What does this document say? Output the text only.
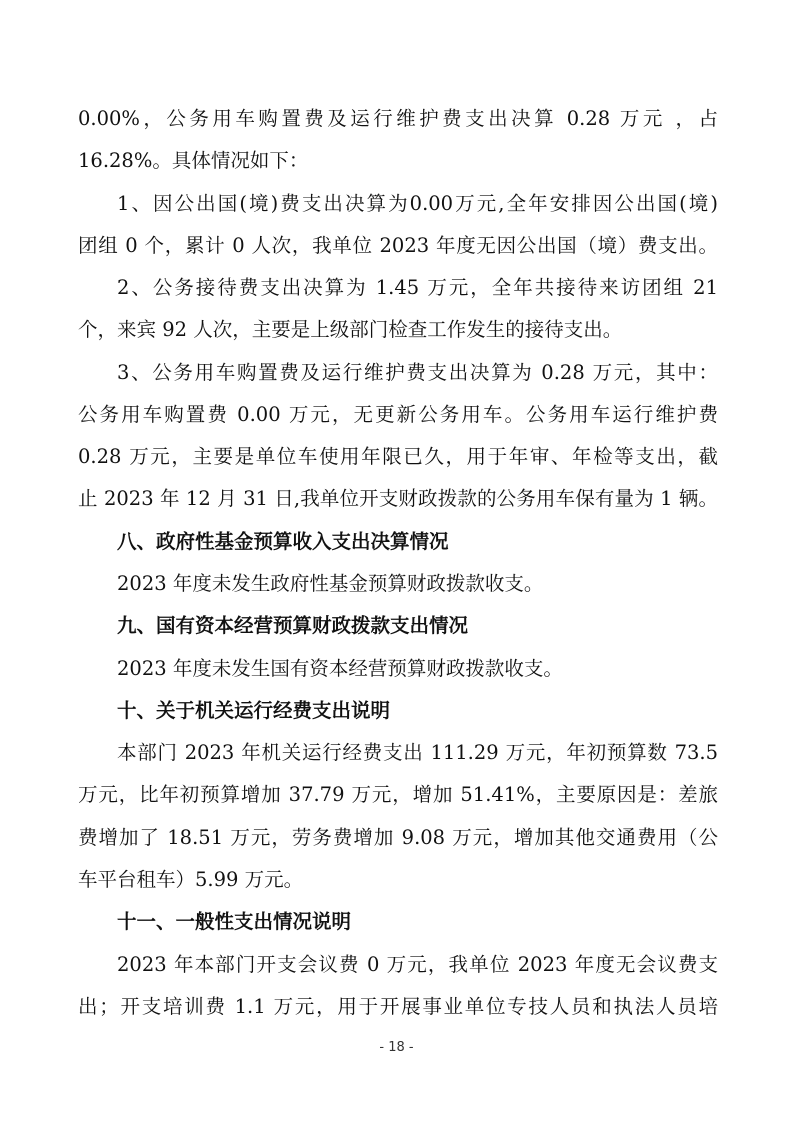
0.00%，公务用车购置费及运行维护费支出决算 0.28 万元 ，占
16.28%。具体情况如下：
1、因公出国(境)费支出决算为0.00万元,全年安排因公出国(境)
团组 0 个，累计 0 人次，我单位 2023 年度无因公出国（境）费支出。
2、公务接待费支出决算为 1.45 万元，全年共接待来访团组 21
个，来宾 92 人次，主要是上级部门检查工作发生的接待支出。
3、公务用车购置费及运行维护费支出决算为 0.28 万元，其中：
公务用车购置费 0.00 万元，无更新公务用车。公务用车运行维护费
0.28 万元，主要是单位车使用年限已久，用于年审、年检等支出，截
止 2023 年 12 月 31 日,我单位开支财政拨款的公务用车保有量为 1 辆。
八、政府性基金预算收入支出决算情况
2023 年度未发生政府性基金预算财政拨款收支。
九、国有资本经营预算财政拨款支出情况
2023 年度未发生国有资本经营预算财政拨款收支。
十、关于机关运行经费支出说明
本部门 2023 年机关运行经费支出 111.29 万元，年初预算数 73.5
万元，比年初预算增加 37.79 万元，增加 51.41%，主要原因是：差旅
费增加了 18.51 万元，劳务费增加 9.08 万元，增加其他交通费用（公
车平台租车）5.99 万元。
十一、一般性支出情况说明
2023 年本部门开支会议费 0 万元，我单位 2023 年度无会议费支
出；开支培训费 1.1 万元，用于开展事业单位专技人员和执法人员培
- 18 -
